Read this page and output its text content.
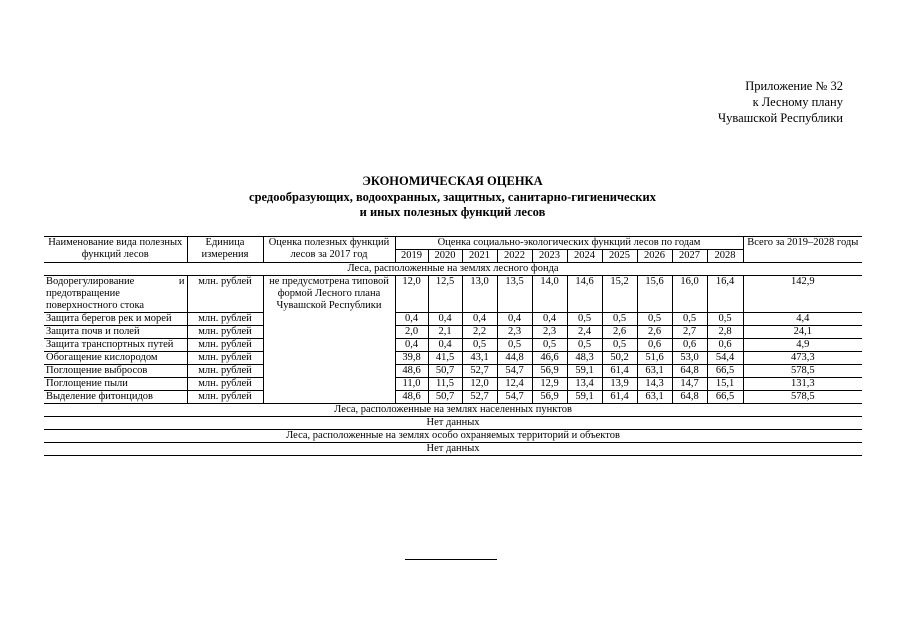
Приложение № 32
к Лесному плану
Чувашской Республики
ЭКОНОМИЧЕСКАЯ ОЦЕНКА
средообразующих, водоохранных, защитных, санитарно-гигиенических
и иных полезных функций лесов
Наименование вида полезных функций лесов	Единица измерения	Оценка полезных функций лесов за 2017 год	Оценка социально-экологических функций лесов по годам										Всего за 2019–2028 годы
			2019	2020	2021	2022	2023	2024	2025	2026	2027	2028	
Леса, расположенные на землях лесного фонда													
Водорегулирование и предотвращение поверхностного стока	млн. рублей	не предусмотрена типовой формой Лесного плана Чувашской Республики	12,0	12,5	13,0	13,5	14,0	14,6	15,2	15,6	16,0	16,4	142,9
Защита берегов рек и морей	млн. рублей		0,4	0,4	0,4	0,4	0,4	0,5	0,5	0,5	0,5	0,5	4,4
Защита почв и полей	млн. рублей		2,0	2,1	2,2	2,3	2,3	2,4	2,6	2,6	2,7	2,8	24,1
Защита транспортных путей	млн. рублей		0,4	0,4	0,5	0,5	0,5	0,5	0,5	0,6	0,6	0,6	4,9
Обогащение кислородом	млн. рублей		39,8	41,5	43,1	44,8	46,6	48,3	50,2	51,6	53,0	54,4	473,3
Поглощение выбросов	млн. рублей		48,6	50,7	52,7	54,7	56,9	59,1	61,4	63,1	64,8	66,5	578,5
Поглощение пыли	млн. рублей		11,0	11,5	12,0	12,4	12,9	13,4	13,9	14,3	14,7	15,1	131,3
Выделение фитонцидов	млн. рублей		48,6	50,7	52,7	54,7	56,9	59,1	61,4	63,1	64,8	66,5	578,5
Леса, расположенные на землях населенных пунктов													
Нет данных													
Леса, расположенные на землях особо охраняемых территорий и объектов													
Нет данных													
